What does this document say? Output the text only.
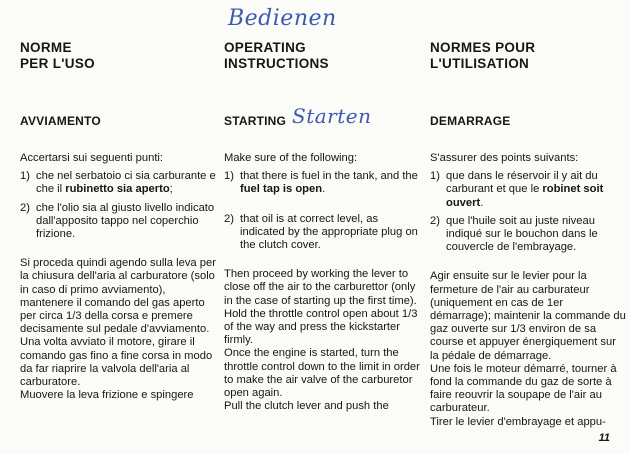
Bedienen
NORME
PER L'USO
AVVIAMENTO

Accertarsi sui seguenti punti:

1) che nel serbatoio ci sia carburante e che il rubinetto sia aperto;
2) che l'olio sia al giusto livello indicato dall'apposito tappo nel coperchio frizione.

Si proceda quindi agendo sulla leva per la chiusura dell'aria al carburatore (solo in caso di primo avviamento), mantenere il comando del gas aperto per circa 1/3 della corsa e premere decisamente sul pedale d'avviamento.

Una volta avviato il motore, girare il comando gas fino a fine corsa in modo da far riaprire la valvola dell'aria al carburatore.

Muovere la leva frizione e spingere

OPERATING
INSTRUCTIONS
STARTING Starten

Make sure of the following:

1) that there is fuel in the tank, and the fuel tap is open.
2) that oil is at correct level, as indicated by the appropriate plug on the clutch cover.

Then proceed by working the lever to close off the air to the carburettor (only in the case of starting up the first time).

Hold the throttle control open about 1/3 of the way and press the kickstarter firmly.

Once the engine is started, turn the throttle control down to the limit in order to make the air valve of the carburetor open again.

Pull the clutch lever and push the

NORMES POUR
L'UTILISATION
DEMARRAGE

S'assurer des points suivants:

1) que dans le réservoir il y ait du carburant et que le robinet soit ouvert.
2) que l'huile soit au juste niveau indiqué sur le bouchon dans le couvercle de l'embrayage.

Agir ensuite sur le levier pour la fermeture de l'air au carburateur (uniquement en cas de 1er démarrage); maintenir la commande du gaz ouverte sur 1/3 environ de sa course et appuyer énergiquement sur la pédale de démarrage.

Une fois le moteur démarré, tourner à fond la commande du gaz de sorte à faire reouvrir la soupape de l'air au carburateur.

Tirer le levier d'embrayage et appu-

11
